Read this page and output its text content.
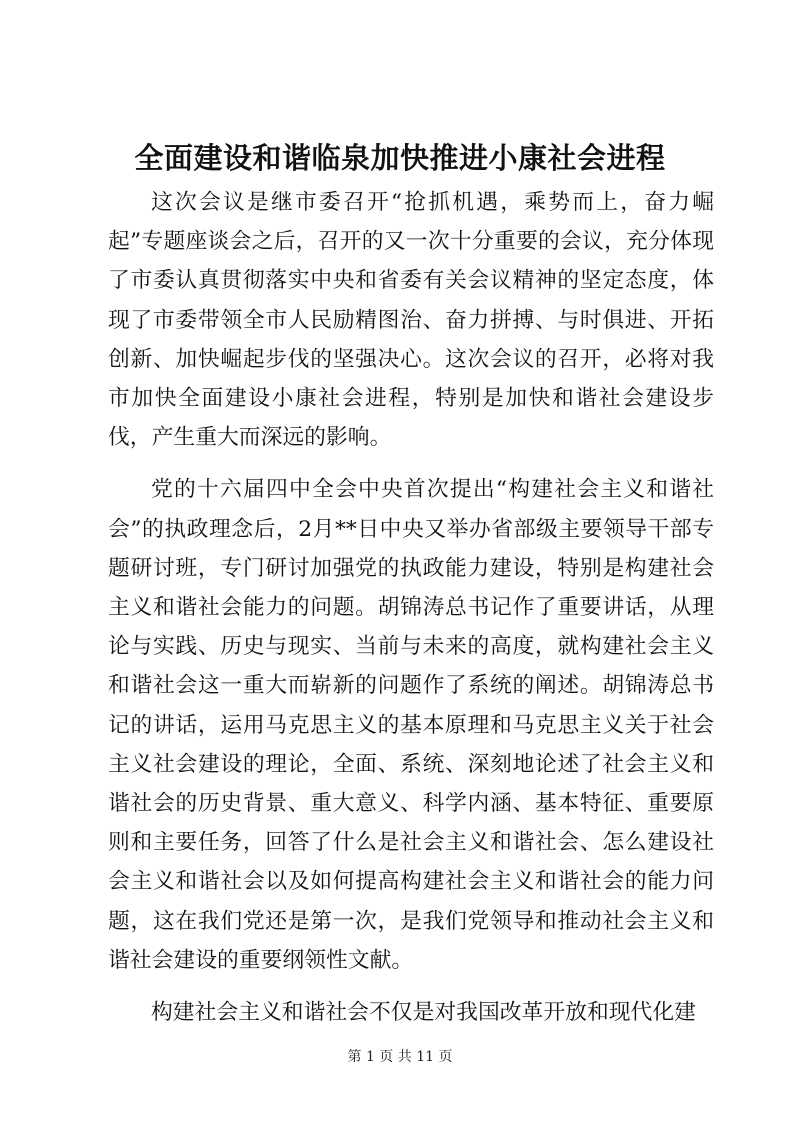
全面建设和谐临泉加快推进小康社会进程

这次会议是继市委召开“抢抓机遇，乘势而上，奋力崛起”专题座谈会之后，召开的又一次十分重要的会议，充分体现了市委认真贯彻落实中央和省委有关会议精神的坚定态度，体现了市委带领全市人民励精图治、奋力拼搏、与时俱进、开拓创新、加快崛起步伐的坚强决心。这次会议的召开，必将对我市加快全面建设小康社会进程，特别是加快和谐社会建设步伐，产生重大而深远的影响。

党的十六届四中全会中央首次提出“构建社会主义和谐社会”的执政理念后，2月**日中央又举办省部级主要领导干部专题研讨班，专门研讨加强党的执政能力建设，特别是构建社会主义和谐社会能力的问题。胡锦涛总书记作了重要讲话，从理论与实践、历史与现实、当前与未来的高度，就构建社会主义和谐社会这一重大而崭新的问题作了系统的阐述。胡锦涛总书记的讲话，运用马克思主义的基本原理和马克思主义关于社会主义社会建设的理论，全面、系统、深刻地论述了社会主义和谐社会的历史背景、重大意义、科学内涵、基本特征、重要原则和主要任务，回答了什么是社会主义和谐社会、怎么建设社会主义和谐社会以及如何提高构建社会主义和谐社会的能力问题，这在我们党还是第一次，是我们党领导和推动社会主义和谐社会建设的重要纲领性文献。

构建社会主义和谐社会不仅是对我国改革开放和现代化建

第 1 页 共 11 页
